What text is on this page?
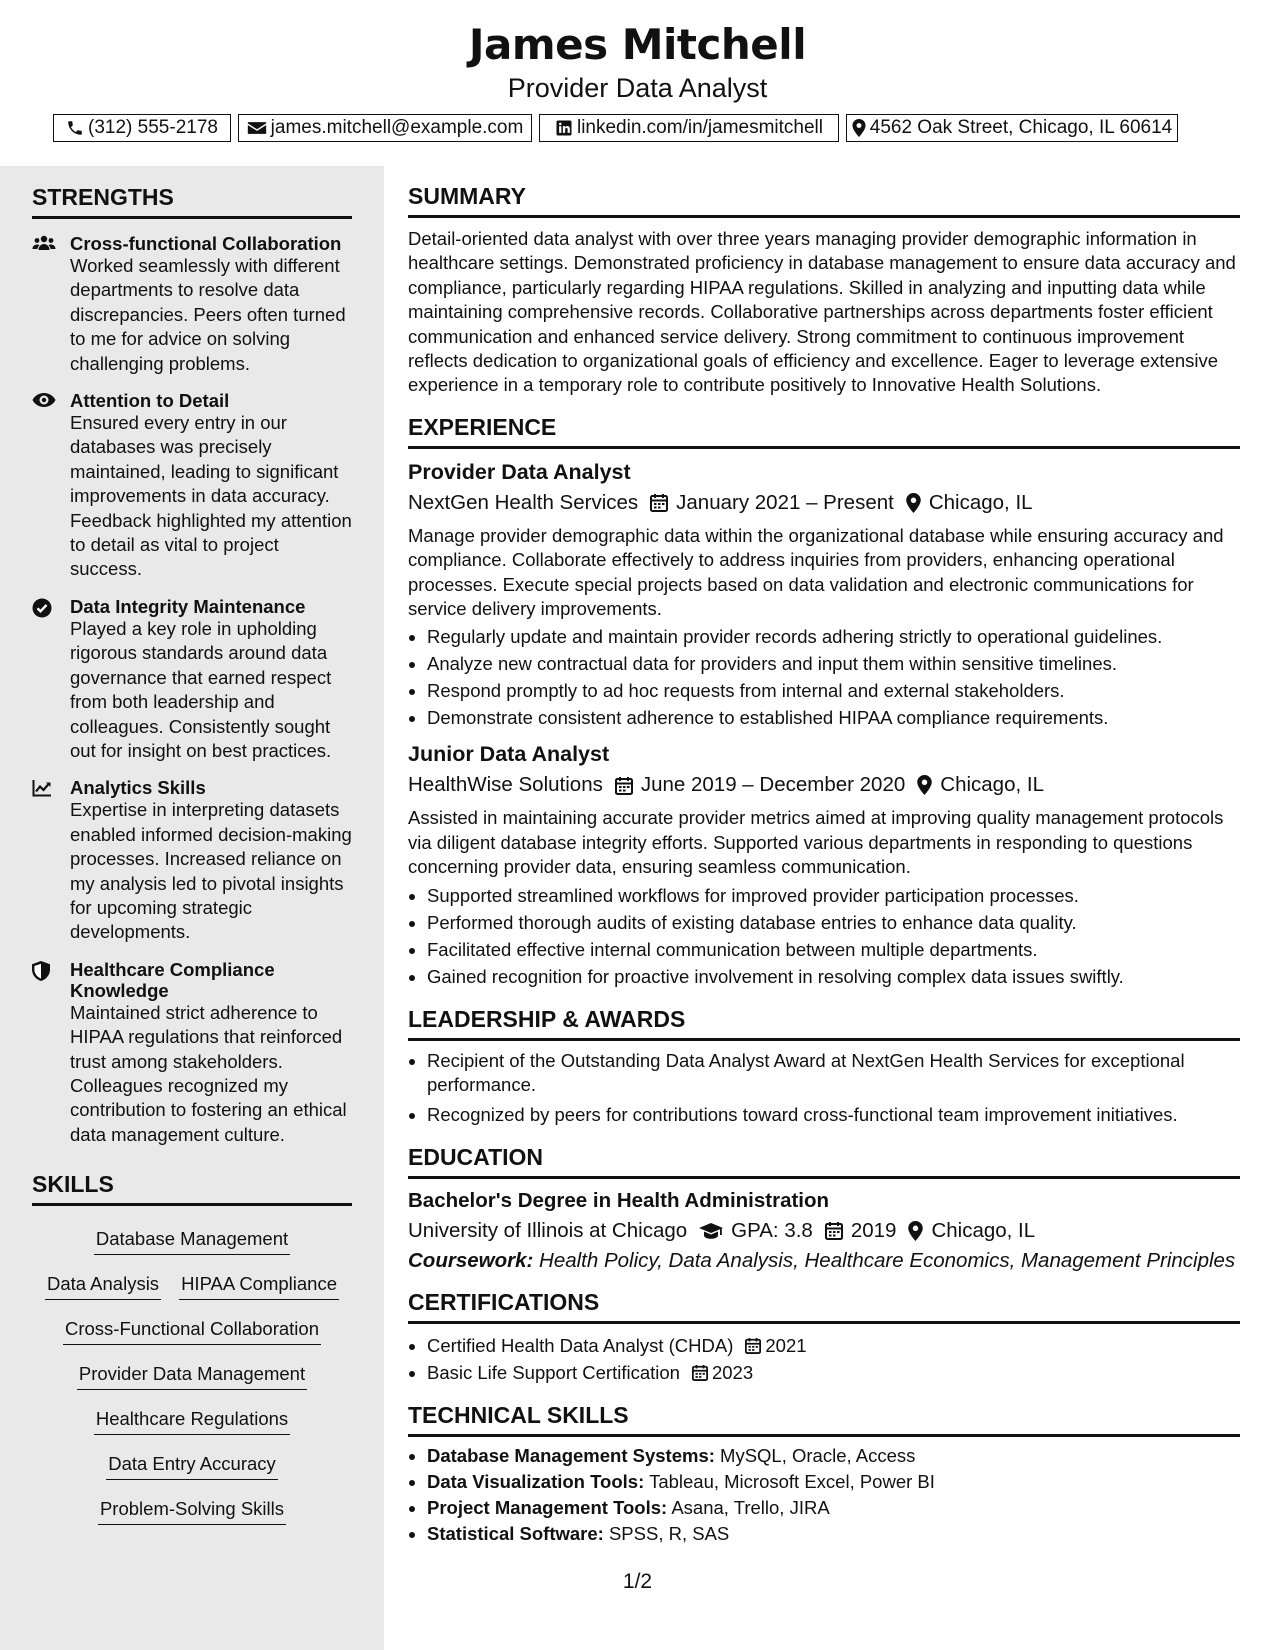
James Mitchell
Provider Data Analyst
(312) 555-2178	james.mitchell@example.com	linkedin.com/in/jamesmitchell 4562 Oak Street, Chicago, IL 60614
STRENGTHS
Cross-functional Collaboration
Worked seamlessly with different departments to resolve data discrepancies. Peers often turned to me for advice on solving challenging problems.
Attention to Detail
Ensured every entry in our databases was precisely maintained, leading to significant improvements in data accuracy. Feedback highlighted my attention to detail as vital to project success.
Data Integrity Maintenance
Played a key role in upholding rigorous standards around data governance that earned respect from both leadership and colleagues. Consistently sought out for insight on best practices.
Analytics Skills
Expertise in interpreting datasets enabled informed decision-making processes. Increased reliance on my analysis led to pivotal insights for upcoming strategic developments.
Healthcare Compliance Knowledge
Maintained strict adherence to HIPAA regulations that reinforced trust among stakeholders. Colleagues recognized my contribution to fostering an ethical data management culture.
SKILLS
Database Management
Data Analysis HIPAA Compliance
Cross-Functional Collaboration
Provider Data Management
Healthcare Regulations
Data Entry Accuracy
Problem-Solving Skills
SUMMARY
Detail-oriented data analyst with over three years managing provider demographic information in healthcare settings. Demonstrated proficiency in database management to ensure data accuracy and compliance, particularly regarding HIPAA regulations. Skilled in analyzing and inputting data while maintaining comprehensive records. Collaborative partnerships across departments foster efficient communication and enhanced service delivery. Strong commitment to continuous improvement reflects dedication to organizational goals of efficiency and excellence. Eager to leverage extensive experience in a temporary role to contribute positively to Innovative Health Solutions.
EXPERIENCE
Provider Data Analyst
NextGen Health Services January 2021 – Present Chicago, IL
Manage provider demographic data within the organizational database while ensuring accuracy and compliance. Collaborate effectively to address inquiries from providers, enhancing operational processes. Execute special projects based on data validation and electronic communications for service delivery improvements.
• Regularly update and maintain provider records adhering strictly to operational guidelines.
• Analyze new contractual data for providers and input them within sensitive timelines.
• Respond promptly to ad hoc requests from internal and external stakeholders.
• Demonstrate consistent adherence to established HIPAA compliance requirements.
Junior Data Analyst
HealthWise Solutions June 2019 – December 2020 Chicago, IL
Assisted in maintaining accurate provider metrics aimed at improving quality management protocols via diligent database integrity efforts. Supported various departments in responding to questions concerning provider data, ensuring seamless communication.
• Supported streamlined workflows for improved provider participation processes.
• Performed thorough audits of existing database entries to enhance data quality.
• Facilitated effective internal communication between multiple departments.
• Gained recognition for proactive involvement in resolving complex data issues swiftly.
LEADERSHIP & AWARDS
• Recipient of the Outstanding Data Analyst Award at NextGen Health Services for exceptional performance.
• Recognized by peers for contributions toward cross-functional team improvement initiatives.
EDUCATION
Bachelor's Degree in Health Administration
University of Illinois at Chicago GPA: 3.8 2019 Chicago, IL
Coursework: Health Policy, Data Analysis, Healthcare Economics, Management Principles
CERTIFICATIONS
• Certified Health Data Analyst (CHDA) 2021
• Basic Life Support Certification 2023
TECHNICAL SKILLS
• Database Management Systems: MySQL, Oracle, Access
• Data Visualization Tools: Tableau, Microsoft Excel, Power BI
• Project Management Tools: Asana, Trello, JIRA
• Statistical Software: SPSS, R, SAS
1/2
